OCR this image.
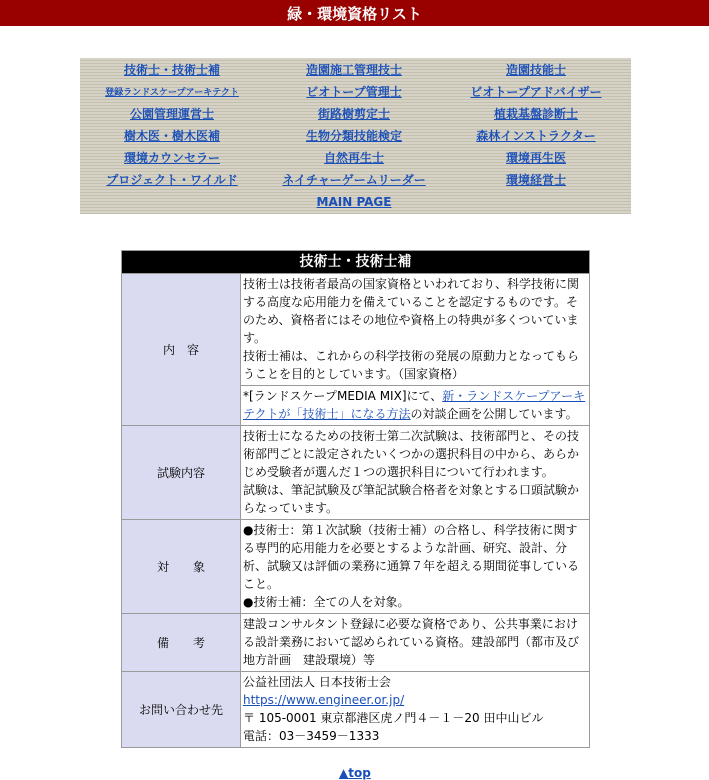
緑・環境資格リスト
技術士・技術士補	造園施工管理技士	造園技能士
登録ランドスケープアーキテクト	ビオトープ管理士	ビオトープアドバイザー
公園管理運営士	街路樹剪定士	植栽基盤診断士
樹木医・樹木医補	生物分類技能検定	森林インストラクター
環境カウンセラー	自然再生士	環境再生医
プロジェクト・ワイルド	ネイチャーゲームリーダー	環境経営士
MAIN PAGE
技術士・技術士補	
内　容	技術士は技術者最高の国家資格といわれており、科学技術に関する高度な応用能力を備えていることを認定するものです。そのため、資格者にはその地位や資格上の特典が多くついています。
技術士補は、これからの科学技術の発展の原動力となってもらうことを目的としています。（国家資格）

	*[ランドスケープMEDIA MIX]にて、新・ランドスケープアーキテクトが「技術士」になる方法の対談企画を公開しています。
試験内容	技術士になるための技術士第二次試験は、技術部門と、その技術部門ごとに設定されたいくつかの選択科目の中から、あらかじめ受験者が選んだ１つの選択科目について行われます。
試験は、筆記試験及び筆記試験合格者を対象とする口頭試験からなっています。

対　　象	●技術士：第１次試験（技術士補）の合格し、科学技術に関する専門的応用能力を必要とするような計画、研究、設計、分析、試験又は評価の業務に通算７年を超える期間従事していること。
●技術士補：全ての人を対象。

備　　考	建設コンサルタント登録に必要な資格であり、公共事業における設計業務において認められている資格。建設部門（都市及び地方計画　建設環境）等

お問い合わせ先	公益社団法人 日本技術士会
https://www.engineer.or.jp/
〒 105-0001 東京都港区虎ノ門４－１－20 田中山ビル
電話：03－3459－1333
▲top
